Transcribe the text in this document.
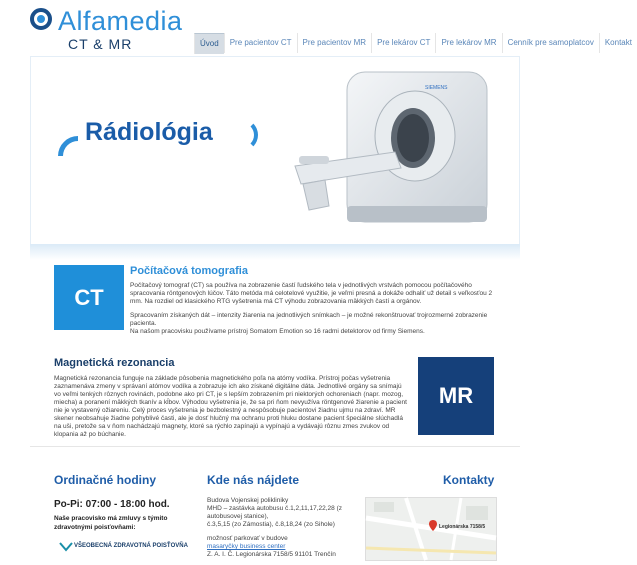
Alfamedia
CT & MR	Úvod	Pre pacientov CT	Pre pacientov MR	Pre lekárov CT	Pre lekárov MR	Cenník pre samoplatcov	Kontakt
Rádiológia
SIEMENS
CT
Počítačová tomografia

Počítačový tomograf (CT) sa používa na zobrazenie častí ľudského tela v jednotlivých vrstvách pomocou počítačového spracovania röntgenových lúčov. Táto metóda má celotelové využitie, je veľmi presná a dokáže odhaliť už detail s veľkosťou 2 mm. Na rozdiel od klasického RTG vyšetrenia má CT výhodu zobrazovania mäkkých častí a orgánov.

Spracovaním získaných dát – intenzity žiarenia na jednotlivých snímkach – je možné rekonštruovať trojrozmerné zobrazenie pacienta.

Na našom pracovisku používame prístroj Somatom Emotion so 16 radmi detektorov od firmy Siemens.

Magnetická rezonancia

Magnetická rezonancia funguje na základe pôsobenia magnetického poľa na atómy vodíka. Prístroj počas vyšetrenia zaznamenáva zmeny v správaní atómov vodíka a zobrazuje ich ako získané digitálne dáta. Jednotlivé orgány sa snímajú vo veľmi tenkých rôznych rovinách, podobne ako pri CT, je s lepším zobrazením pri niektorých ochoreniach (napr. mozog, miecha) a poranení mäkkých tkanív a kĺbov. Výhodou vyšetrenia je, že sa pri ňom nevyužíva röntgenové žiarenie a pacient nie je vystavený ožiareniu. Celý proces vyšetrenia je bezbolestný a nespôsobuje pacientovi žiadnu ujmu na zdraví. MR skener neobsahuje žiadne pohyblivé časti, ale je dosť hlučný ma ochranu proti hluku dostane pacient špeciálne slúchadlá na uši, pretože sa v ňom nachádzajú magnety, ktoré sa rýchlo zapínajú a vypínajú a vydávajú rôznu zmes zvukov od klopania až po búchanie.

MR
Ordinačné hodiny
Po-Pi: 07:00 - 18:00 hod.
Naše pracovisko má zmluvy s týmito zdravotnými poisťovňami:
VŠEOBECNÁ ZDRAVOTNÁ POISŤOVŇA
Kde nás nájdete
Budova Vojenskej polikliniky
MHD – zastávka autobusu č.1,2,11,17,22,28 (z autobusovej stanice),
č.3,5,15 (zo Zámostia), č.8,18,24 (zo Sihole)
možnosť parkovať v budove
masaryčky business center
Z. A. I. Č. Legionárska 7158/5 91101 Trenčín
Kontakty
Legionárska 7158/5
